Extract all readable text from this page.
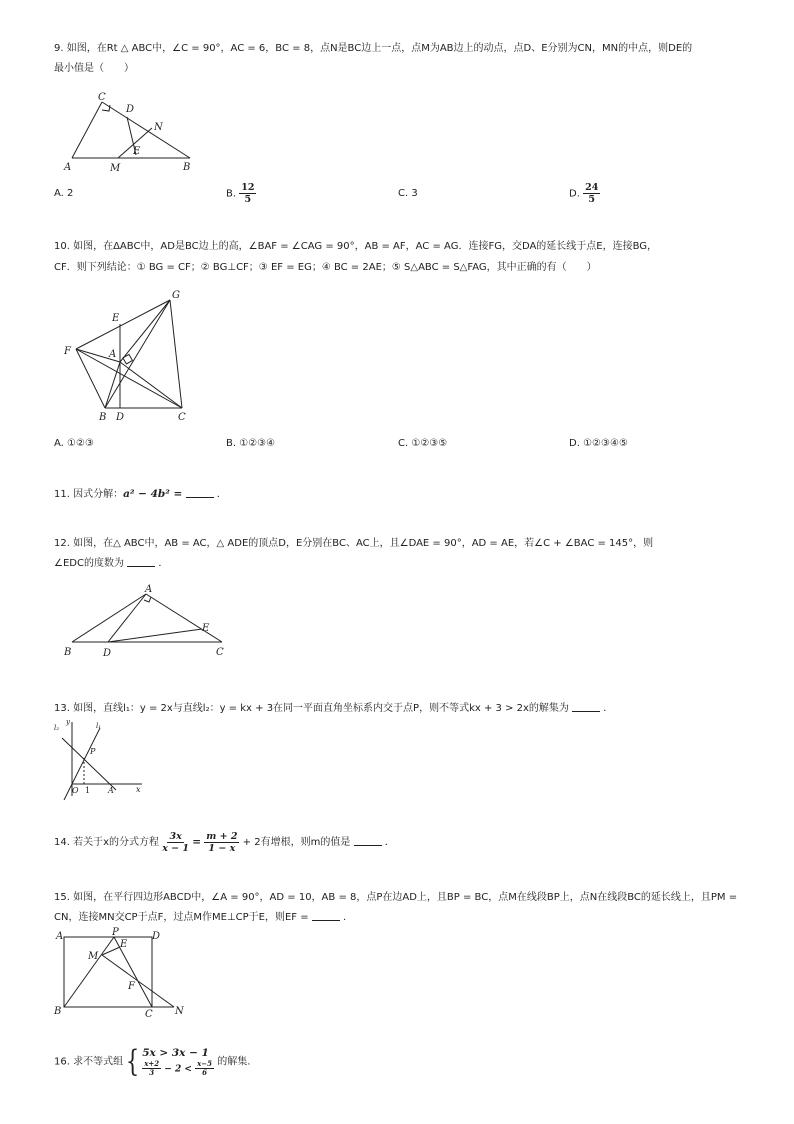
9. 如图，在Rt △ ABC中，∠C = 90°，AC = 6，BC = 8，点N是BC边上一点，点M为AB边上的动点，点D、E分别为CN，MN的中点，则DE的
最小值是（　　）
C
D
N
E
A	M	B
A. 2	B. $\frac{12}{5}$	C. 3	D. $\frac{24}{5}$
10. 如图，在ΔABC中，AD是BC边上的高，∠BAF = ∠CAG = 90°，AB = AF，AC = AG．连接FG，交DA的延长线于点E，连接BG，
CF．则下列结论：① BG = CF；② BG⊥CF；③ EF = EG；④ BC = 2AE；⑤ S△ABC = S△FAG，其中正确的有（　　）
G
E
F	A
B D	C
A. ①②③	B. ①②③④	C. ①②③⑤	D. ①②③④⑤
11. 因式分解：a² − 4b² =	．
12. 如图，在△ ABC中，AB = AC，△ ADE的顶点D，E分别在BC、AC上，且∠DAE = 90°，AD = AE，若∠C + ∠BAC = 145°，则
∠EDC的度数为	．
A
E
B	D	C
13. 如图，直线l₁：y = 2x与直线l₂：y = kx + 3在同一平面直角坐标系内交于点P，则不等式kx + 3 > 2x的解集为	．
l₂	l₁
y
P
O 1 A	x
14. 若关于x的分式方程 $\frac{3x}{x - 1} = \frac{m + 2}{1 - x} + 2$有增根，则m的值是	．
15. 如图，在平行四边形ABCD中，∠A = 90°，AD = 10，AB = 8，点P在边AD上，且BP = BC，点M在线段BP上，点N在线段BC的延长线上，且PM =
CN，连接MN交CP于点F，过点M作ME⊥CP于E，则EF =	．
A	P
E
D
M
F
B	C N
16. 求不等式组{ 5x > 3x − 1
$\frac{x+2}{3} - 2 < \frac{x-5}{6}$ 的解集.
